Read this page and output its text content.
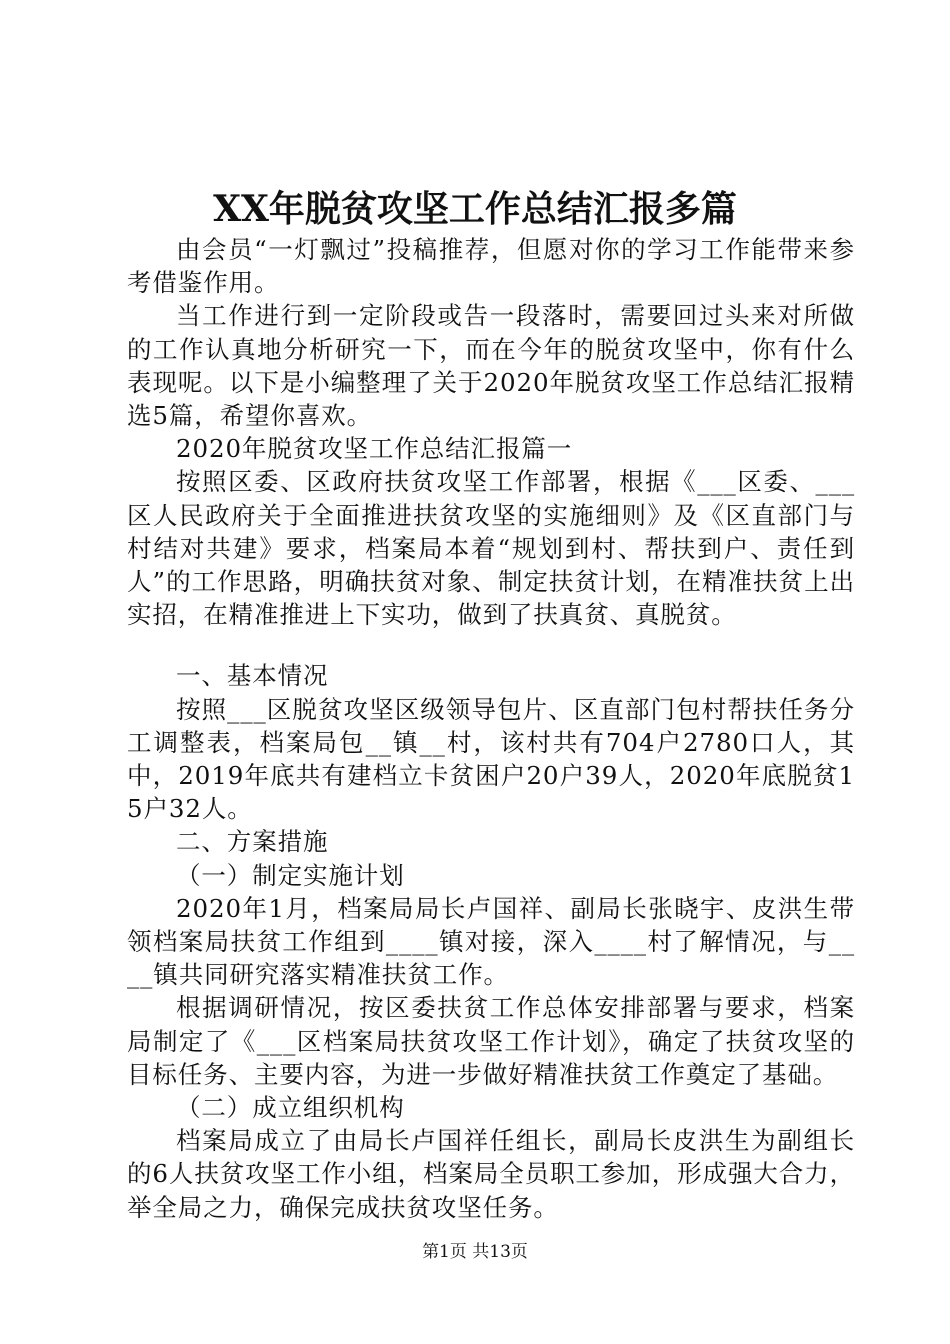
XX年脱贫攻坚工作总结汇报多篇

由会员“一灯飘过”投稿推荐，但愿对你的学习工作能带来参考借鉴作用。

当工作进行到一定阶段或告一段落时，需要回过头来对所做的工作认真地分析研究一下，而在今年的脱贫攻坚中，你有什么表现呢。以下是小编整理了关于2020年脱贫攻坚工作总结汇报精选5篇，希望你喜欢。

2020年脱贫攻坚工作总结汇报篇一

按照区委、区政府扶贫攻坚工作部署，根据《___区委、___区人民政府关于全面推进扶贫攻坚的实施细则》及《区直部门与村结对共建》要求，档案局本着“规划到村、帮扶到户、责任到人”的工作思路，明确扶贫对象、制定扶贫计划，在精准扶贫上出实招，在精准推进上下实功，做到了扶真贫、真脱贫。

一、基本情况

按照___区脱贫攻坚区级领导包片、区直部门包村帮扶任务分工调整表，档案局包__镇__村，该村共有704户2780口人，其中，2019年底共有建档立卡贫困户20户39人，2020年底脱贫15户32人。

二、方案措施

（一）制定实施计划

2020年1月，档案局局长卢国祥、副局长张晓宇、皮洪生带领档案局扶贫工作组到____镇对接，深入____村了解情况，与____镇共同研究落实精准扶贫工作。

根据调研情况，按区委扶贫工作总体安排部署与要求，档案局制定了《___区档案局扶贫攻坚工作计划》，确定了扶贫攻坚的目标任务、主要内容，为进一步做好精准扶贫工作奠定了基础。

（二）成立组织机构

档案局成立了由局长卢国祥任组长，副局长皮洪生为副组长的6人扶贫攻坚工作小组，档案局全员职工参加，形成强大合力，举全局之力，确保完成扶贫攻坚任务。

第1页 共13页
